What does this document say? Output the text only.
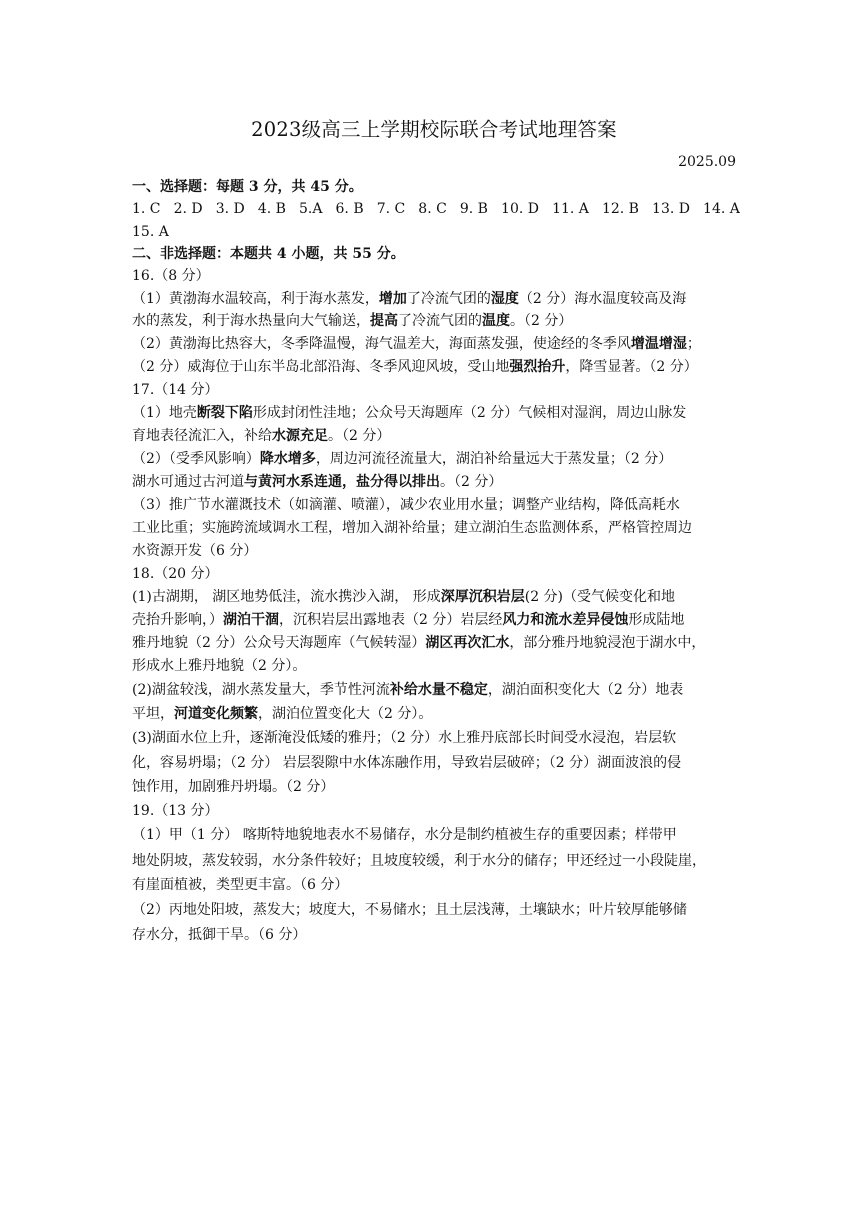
2023级高三上学期校际联合考试地理答案
2025.09
一、选择题：每题 3 分，共 45 分。
1. C 2. D 3. D 4. B 5.A 6. B 7. C 8. C 9. B 10. D 11. A 12. B 13. D 14. A
15. A
二、非选择题：本题共 4 小题，共 55 分。
16.（8 分）
（1）黄渤海水温较高，利于海水蒸发，增加了冷流气团的湿度（2 分）海水温度较高及海
水的蒸发，利于海水热量向大气输送，提高了冷流气团的温度。（2 分）
（2）黄渤海比热容大，冬季降温慢，海气温差大，海面蒸发强，使途经的冬季风增温增湿；
（2 分）威海位于山东半岛北部沿海、冬季风迎风坡，受山地强烈抬升，降雪显著。（2 分）
17.（14 分）
（1）地壳断裂下陷形成封闭性洼地；公众号天海题库（2 分）气候相对湿润，周边山脉发
育地表径流汇入，补给水源充足。（2 分）
（2）（受季风影响）降水增多，周边河流径流量大，湖泊补给量远大于蒸发量；（2 分）
湖水可通过古河道与黄河水系连通，盐分得以排出。（2 分）
（3）推广节水灌溉技术（如滴灌、喷灌），减少农业用水量；调整产业结构，降低高耗水
工业比重；实施跨流域调水工程，增加入湖补给量；建立湖泊生态监测体系，严格管控周边
水资源开发（6 分）
18.（20 分）
(1)古湖期， 湖区地势低洼，流水携沙入湖， 形成深厚沉积岩层(2 分)（受气候变化和地
壳抬升影响，）湖泊干涸，沉积岩层出露地表（2 分）岩层经风力和流水差异侵蚀形成陆地
雅丹地貌（2 分）公众号天海题库（气候转湿）湖区再次汇水，部分雅丹地貌浸泡于湖水中，
形成水上雅丹地貌（2 分）。
(2)湖盆较浅，湖水蒸发量大，季节性河流补给水量不稳定，湖泊面积变化大（2 分）地表
平坦，河道变化频繁，湖泊位置变化大（2 分）。
(3)湖面水位上升，逐渐淹没低矮的雅丹；（2 分）水上雅丹底部长时间受水浸泡，岩层软
化，容易坍塌；（2 分） 岩层裂隙中水体冻融作用，导致岩层破碎；（2 分）湖面波浪的侵
蚀作用，加剧雅丹坍塌。（2 分）
19.（13 分）
（1）甲（1 分） 喀斯特地貌地表水不易储存，水分是制约植被生存的重要因素；样带甲
地处阴坡，蒸发较弱，水分条件较好；且坡度较缓，利于水分的储存；甲还经过一小段陡崖，
有崖面植被，类型更丰富。（6 分）
（2）丙地处阳坡，蒸发大；坡度大，不易储水；且土层浅薄，土壤缺水；叶片较厚能够储
存水分，抵御干旱。（6 分）
